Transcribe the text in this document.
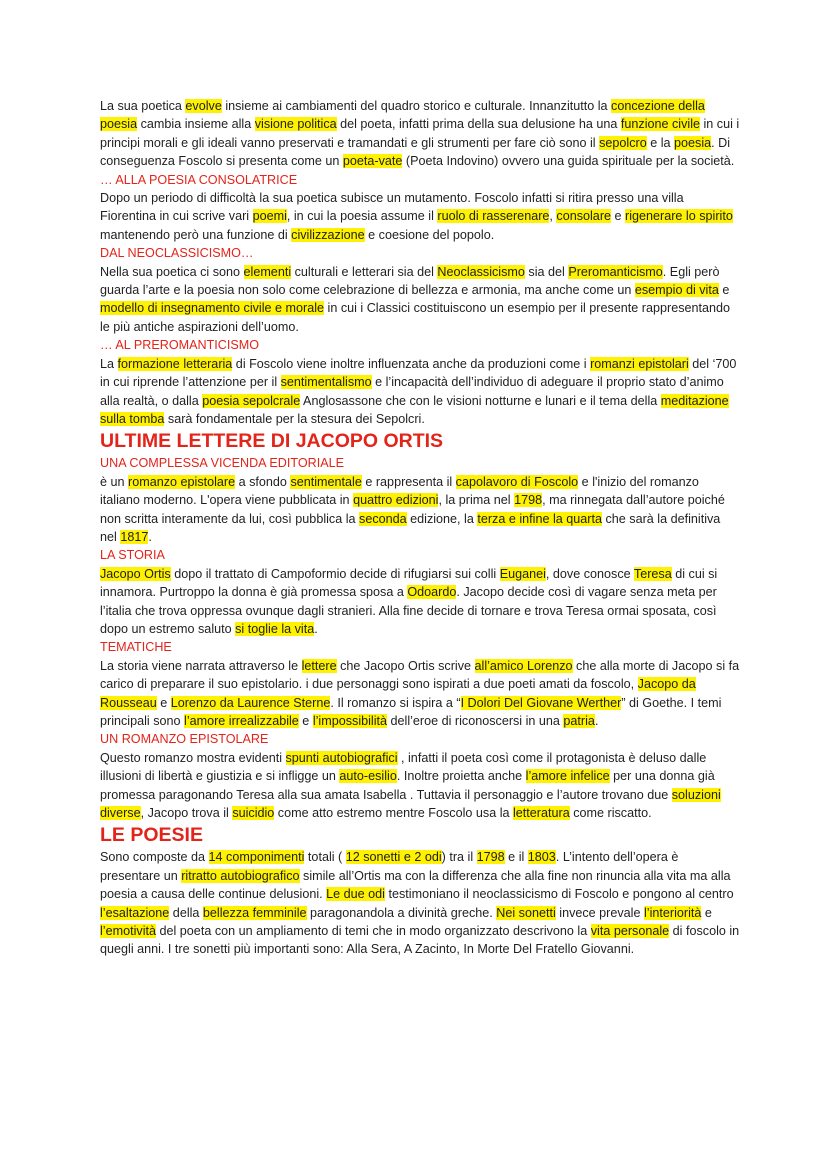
La sua poetica evolve insieme ai cambiamenti del quadro storico e culturale. Innanzitutto la concezione della poesia cambia insieme alla visione politica del poeta, infatti prima della sua delusione ha una funzione civile in cui i principi morali e gli ideali vanno preservati e tramandati e gli strumenti per fare ciò sono il sepolcro e la poesia. Di conseguenza Foscolo si presenta come un poeta-vate (Poeta Indovino) ovvero una guida spirituale per la società.

… ALLA POESIA CONSOLATRICE

Dopo un periodo di difficoltà la sua poetica subisce un mutamento. Foscolo infatti si ritira presso una villa Fiorentina in cui scrive vari poemi, in cui la poesia assume il ruolo di rasserenare, consolare e rigenerare lo spirito mantenendo però una funzione di civilizzazione e coesione del popolo.

DAL NEOCLASSICISMO…

Nella sua poetica ci sono elementi culturali e letterari sia del Neoclassicismo sia del Preromanticismo. Egli però guarda l’arte e la poesia non solo come celebrazione di bellezza e armonia, ma anche come un esempio di vita e modello di insegnamento civile e morale in cui i Classici costituiscono un esempio per il presente rappresentando le più antiche aspirazioni dell’uomo.

… AL PREROMANTICISMO

La formazione letteraria di Foscolo viene inoltre influenzata anche da produzioni come i romanzi epistolari del ‘700 in cui riprende l’attenzione per il sentimentalismo e l’incapacità dell’individuo di adeguare il proprio stato d’animo alla realtà, o dalla poesia sepolcrale Anglosassone che con le visioni notturne e lunari e il tema della meditazione sulla tomba sarà fondamentale per la stesura dei Sepolcri.

ULTIME LETTERE DI JACOPO ORTIS
UNA COMPLESSA VICENDA EDITORIALE

è un romanzo epistolare a sfondo sentimentale e rappresenta il capolavoro di Foscolo e l'inizio del romanzo italiano moderno. L'opera viene pubblicata in quattro edizioni, la prima nel 1798, ma rinnegata dall’autore poiché non scritta interamente da lui, così pubblica la seconda edizione, la terza e infine la quarta che sarà la definitiva nel 1817.

LA STORIA

Jacopo Ortis dopo il trattato di Campoformio decide di rifugiarsi sui colli Euganei, dove conosce Teresa di cui si innamora. Purtroppo la donna è già promessa sposa a Odoardo. Jacopo decide così di vagare senza meta per l’italia che trova oppressa ovunque dagli stranieri. Alla fine decide di tornare e trova Teresa ormai sposata, così dopo un estremo saluto si toglie la vita.

TEMATICHE

La storia viene narrata attraverso le lettere che Jacopo Ortis scrive all’amico Lorenzo che alla morte di Jacopo si fa carico di preparare il suo epistolario. i due personaggi sono ispirati a due poeti amati da foscolo, Jacopo da Rousseau e Lorenzo da Laurence Sterne. Il romanzo si ispira a “I Dolori Del Giovane Werther” di Goethe. I temi principali sono l’amore irrealizzabile e l’impossibilità dell’eroe di riconoscersi in una patria.

UN ROMANZO EPISTOLARE

Questo romanzo mostra evidenti spunti autobiografici , infatti il poeta così come il protagonista è deluso dalle illusioni di libertà e giustizia e si infligge un auto-esilio. Inoltre proietta anche l’amore infelice per una donna già promessa paragonando Teresa alla sua amata Isabella . Tuttavia il personaggio e l’autore trovano due soluzioni diverse, Jacopo trova il suicidio come atto estremo mentre Foscolo usa la letteratura come riscatto.

LE POESIE

Sono composte da 14 componimenti totali ( 12 sonetti e 2 odi) tra il 1798 e il 1803. L’intento dell’opera è presentare un ritratto autobiografico simile all’Ortis ma con la differenza che alla fine non rinuncia alla vita ma alla poesia a causa delle continue delusioni. Le due odi testimoniano il neoclassicismo di Foscolo e pongono al centro l’esaltazione della bellezza femminile paragonandola a divinità greche. Nei sonetti invece prevale l’interiorità e l’emotività del poeta con un ampliamento di temi che in modo organizzato descrivono la vita personale di foscolo in quegli anni. I tre sonetti più importanti sono: Alla Sera, A Zacinto, In Morte Del Fratello Giovanni.
